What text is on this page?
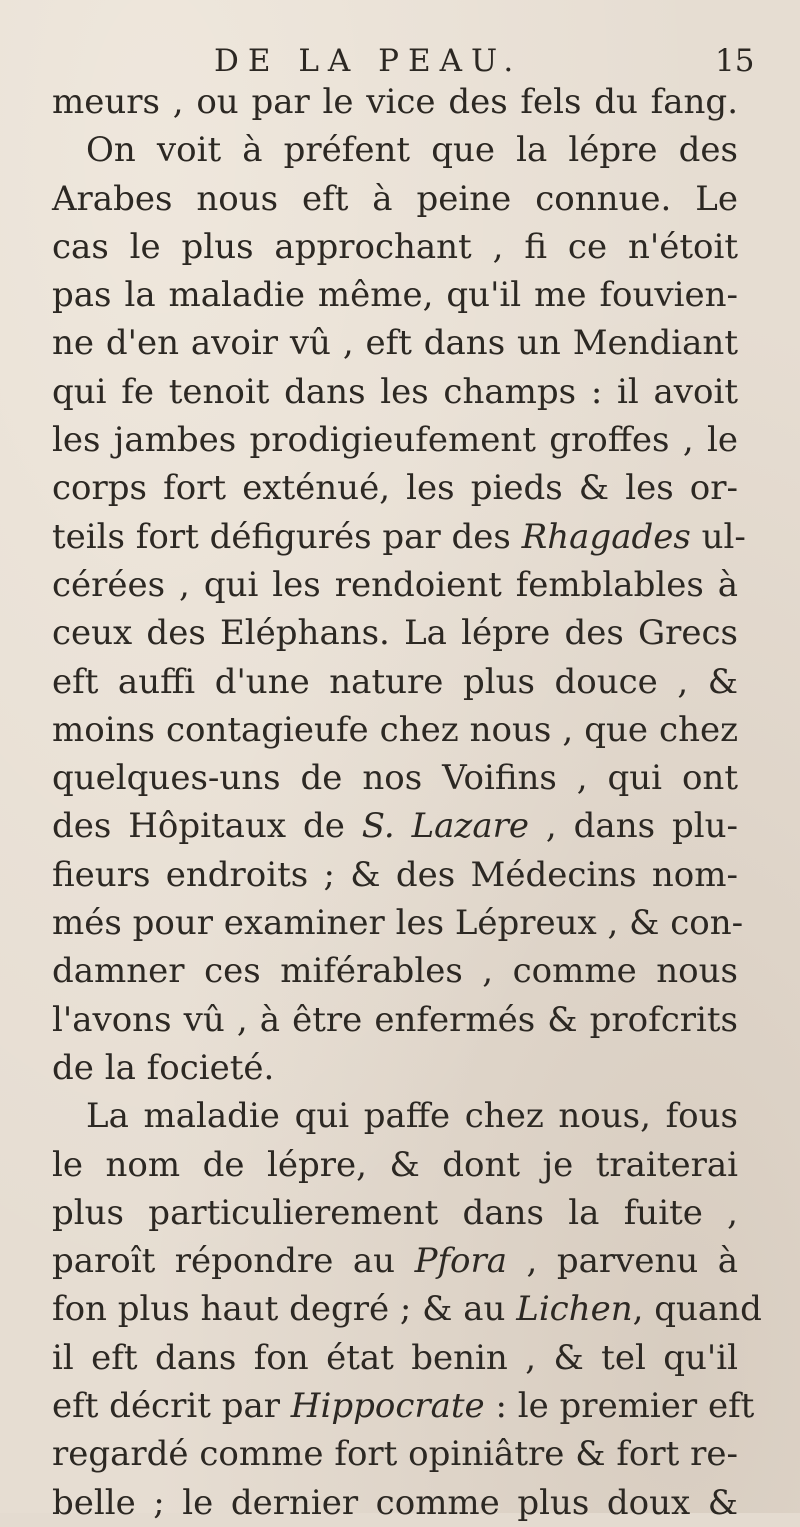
DE LA PEAU.	15
meurs , ou par le vice des fels du fang.
On voit à préfent que la lépre des
Arabes nous eft à peine connue. Le
cas le plus approchant , fi ce n'étoit
pas la maladie même, qu'il me fouvien-
ne d'en avoir vû , eft dans un Mendiant
qui fe tenoit dans les champs : il avoit
les jambes prodigieufement groffes , le
corps fort exténué, les pieds & les or-
teils fort défigurés par des Rhagades ul-
cérées , qui les rendoient femblables à
ceux des Eléphans. La lépre des Grecs
eft auffi d'une nature plus douce , &
moins contagieufe chez nous , que chez
quelques-uns de nos Voifins , qui ont
des Hôpitaux de S. Lazare , dans plu-
fieurs endroits ; & des Médecins nom-
més pour examiner les Lépreux , & con-
damner ces miférables , comme nous
l'avons vû , à être enfermés & profcrits
de la focieté.
La maladie qui paffe chez nous, fous
le nom de lépre, & dont je traiterai
plus particulierement dans la fuite ,
paroît répondre au Pfora , parvenu à
fon plus haut degré ; & au Lichen, quand
il eft dans fon état benin , & tel qu'il
eft décrit par Hippocrate : le premier eft
regardé comme fort opiniâtre & fort re-
belle ; le dernier comme plus doux &
